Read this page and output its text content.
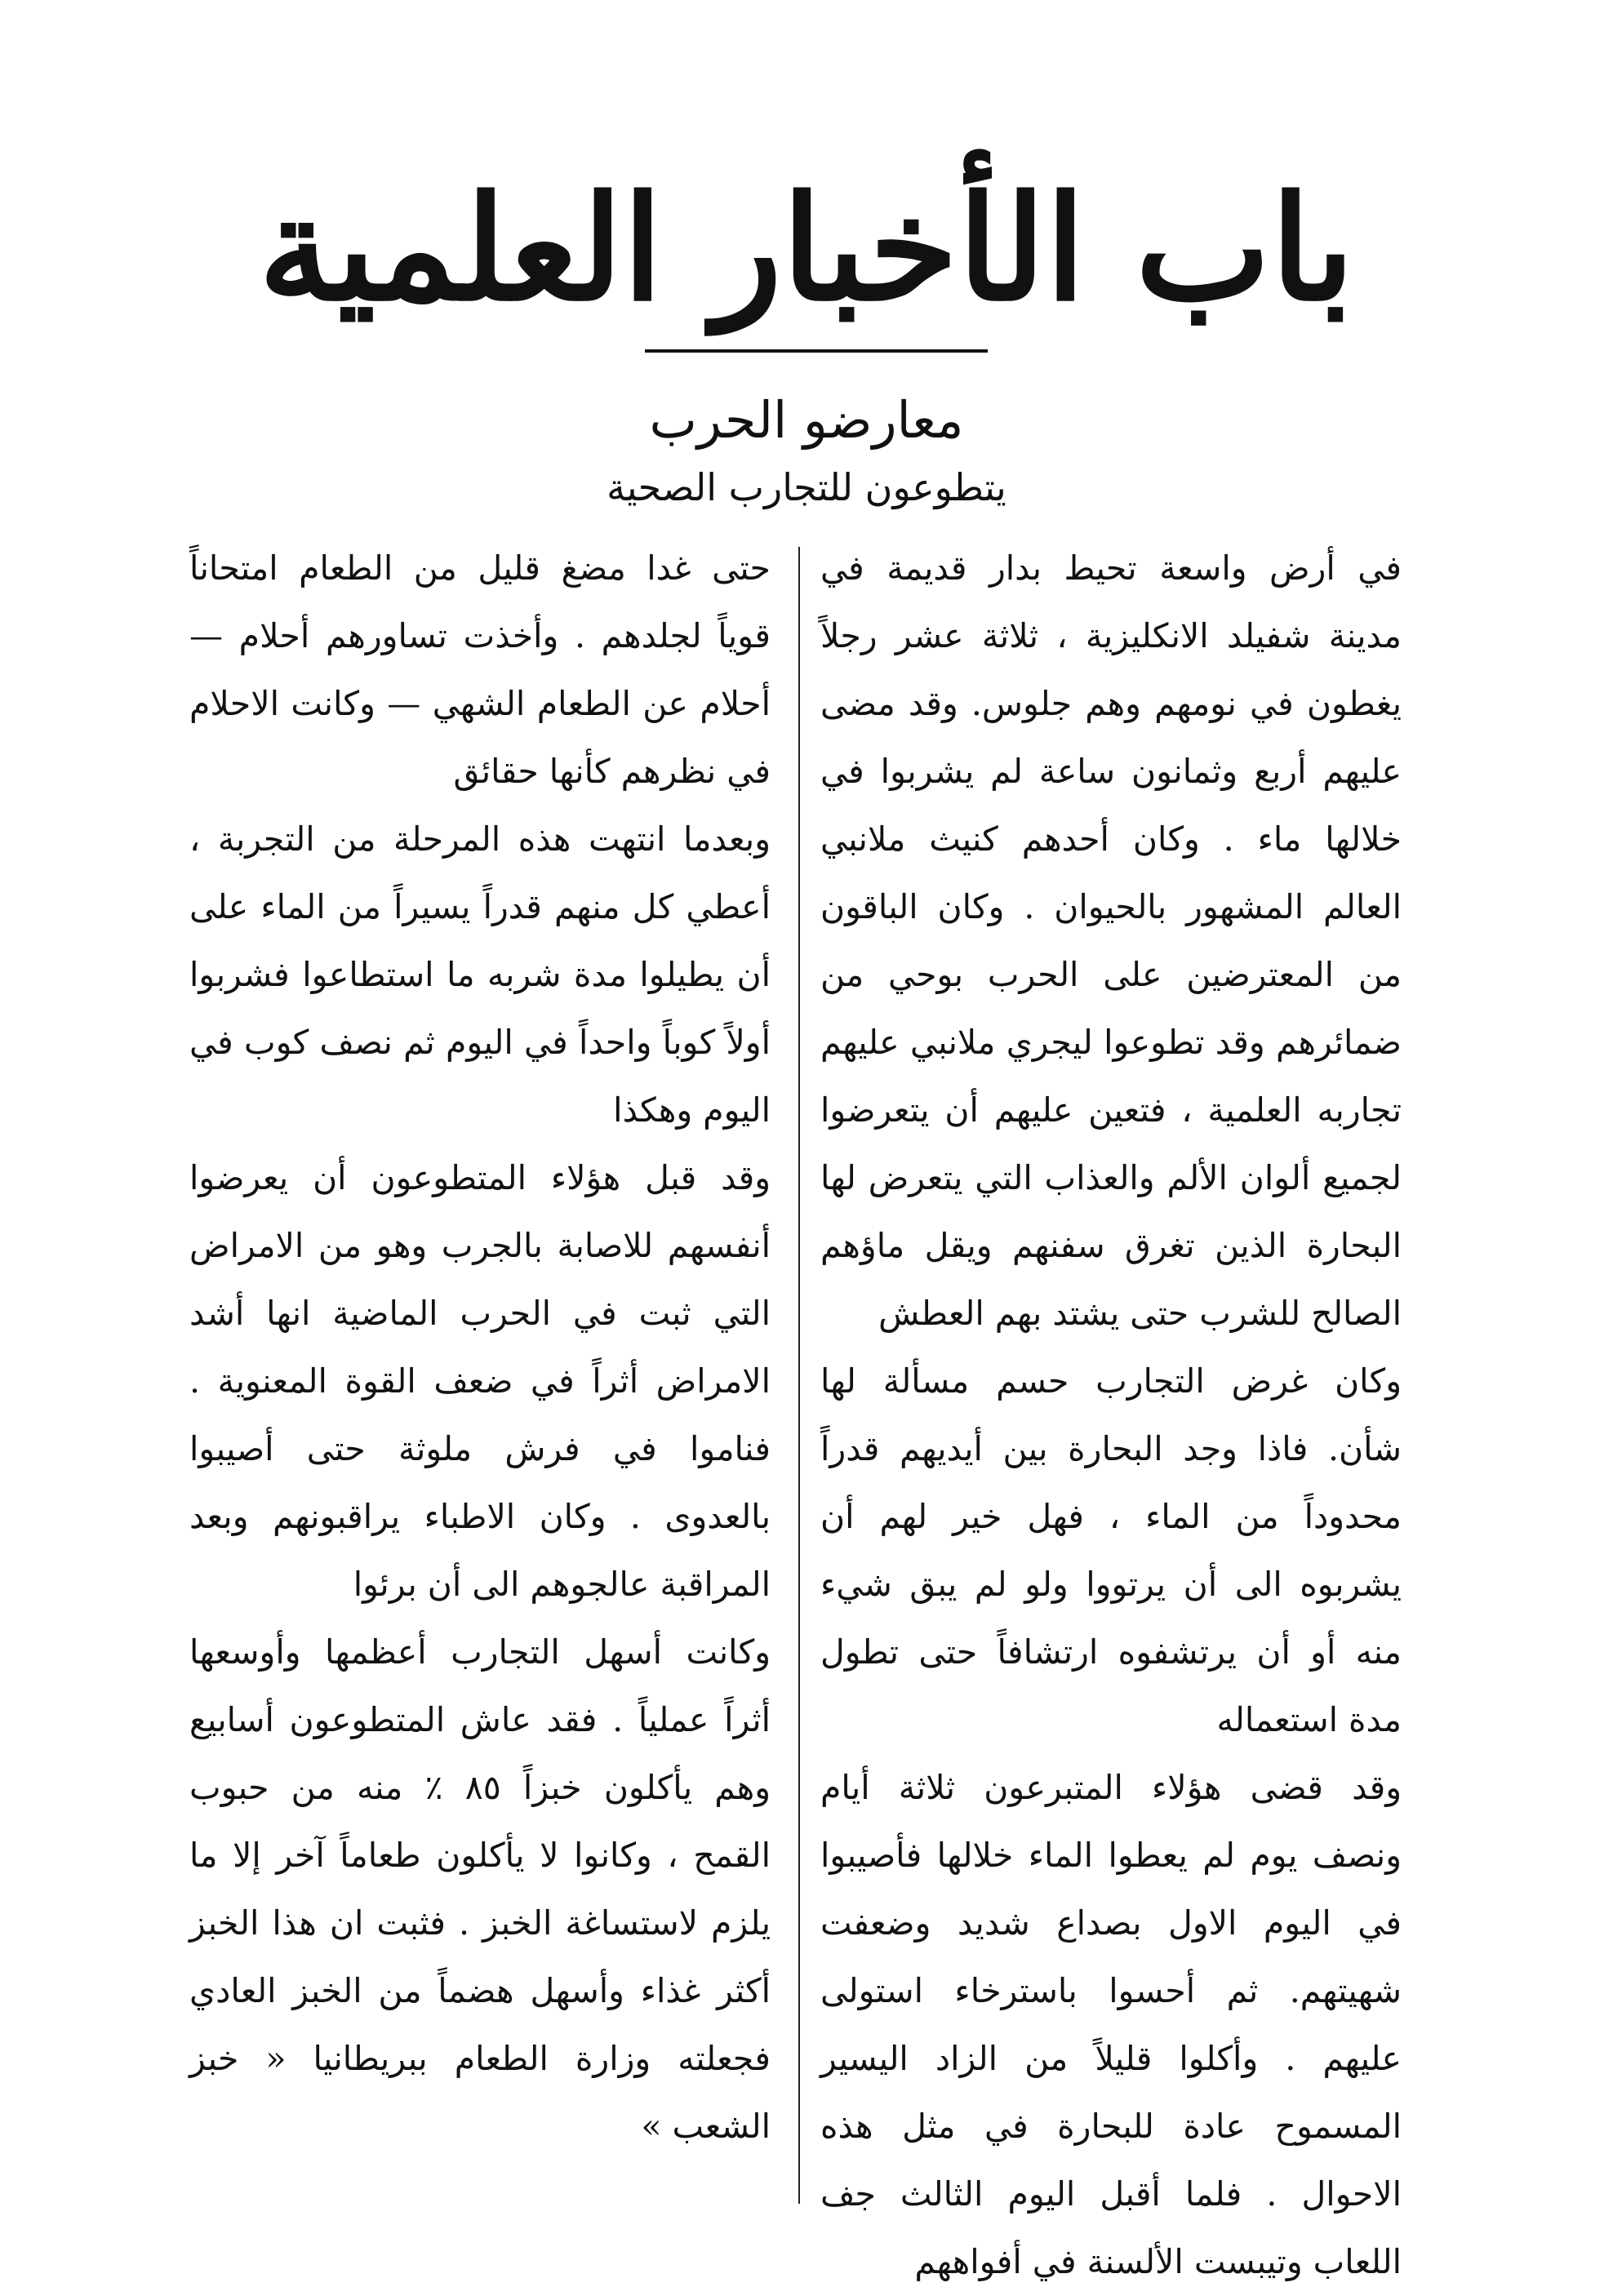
باب الأخبار العلمية
معارضو الحرب
يتطوعون للتجارب الصحية

في أرض واسعة تحيط بدار قديمة في مدينة شفيلد الانكليزية ، ثلاثة عشر رجلاً يغطون في نومهم وهم جلوس. وقد مضى عليهم أربع وثمانون ساعة لم يشربوا في خلالها ماء . وكان أحدهم كنيث ملانبي العالم المشهور بالحيوان . وكان الباقون من المعترضين على الحرب بوحي من ضمائرهم وقد تطوعوا ليجري ملانبي عليهم تجاربه العلمية ، فتعين عليهم أن يتعرضوا لجميع ألوان الألم والعذاب التي يتعرض لها البحارة الذين تغرق سفنهم ويقل ماؤهم الصالح للشرب حتى يشتد بهم العطش

وكان غرض التجارب حسم مسألة لها شأن. فاذا وجد البحارة بين أيديهم قدراً محدوداً من الماء ، فهل خير لهم أن يشربوه الى أن يرتووا ولو لم يبق شيء منه أو أن يرتشفوه ارتشافاً حتى تطول مدة استعماله

وقد قضى هؤلاء المتبرعون ثلاثة أيام ونصف يوم لم يعطوا الماء خلالها فأصيبوا في اليوم الاول بصداع شديد وضعفت شهيتهم. ثم أحسوا باسترخاء استولى عليهم . وأكلوا قليلاً من الزاد اليسير المسموح عادة للبحارة في مثل هذه الاحوال . فلما أقبل اليوم الثالث جف اللعاب وتيبست الألسنة في أفواههم

حتى غدا مضغ قليل من الطعام امتحاناً قوياً لجلدهم . وأخذت تساورهم أحلام — أحلام عن الطعام الشهي — وكانت الاحلام في نظرهم كأنها حقائق

وبعدما انتهت هذه المرحلة من التجربة ، أعطي كل منهم قدراً يسيراً من الماء على أن يطيلوا مدة شربه ما استطاعوا فشربوا أولاً كوباً واحداً في اليوم ثم نصف كوب في اليوم وهكذا

وقد قبل هؤلاء المتطوعون أن يعرضوا أنفسهم للاصابة بالجرب وهو من الامراض التي ثبت في الحرب الماضية انها أشد الامراض أثراً في ضعف القوة المعنوية . فناموا في فرش ملوثة حتى أصيبوا بالعدوى . وكان الاطباء يراقبونهم وبعد المراقبة عالجوهم الى أن برئوا

وكانت أسهل التجارب أعظمها وأوسعها أثراً عملياً . فقد عاش المتطوعون أسابيع وهم يأكلون خبزاً ٨٥ ٪ منه من حبوب القمح ، وكانوا لا يأكلون طعاماً آخر إلا ما يلزم لاستساغة الخبز . فثبت ان هذا الخبز أكثر غذاء وأسهل هضماً من الخبز العادي فجعلته وزارة الطعام ببريطانيا « خبز الشعب »
